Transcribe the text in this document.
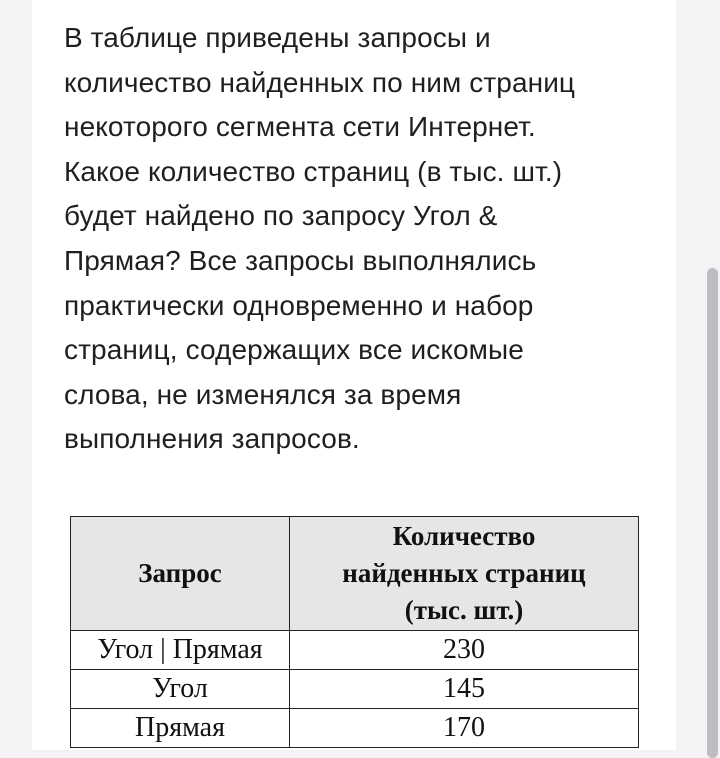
В таблице приведены запросы и
количество найденных по ним страниц
некоторого сегмента сети Интернет.
Какое количество страниц (в тыс. шт.)
будет найдено по запросу Угол &
Прямая? Все запросы выполнялись
практически одновременно и набор
страниц, содержащих все искомые
слова, не изменялся за время
выполнения запросов.

Запрос	Количество
найденных страниц
(тыс. шт.)
Угол | Прямая	230
Угол	145
Прямая	170
